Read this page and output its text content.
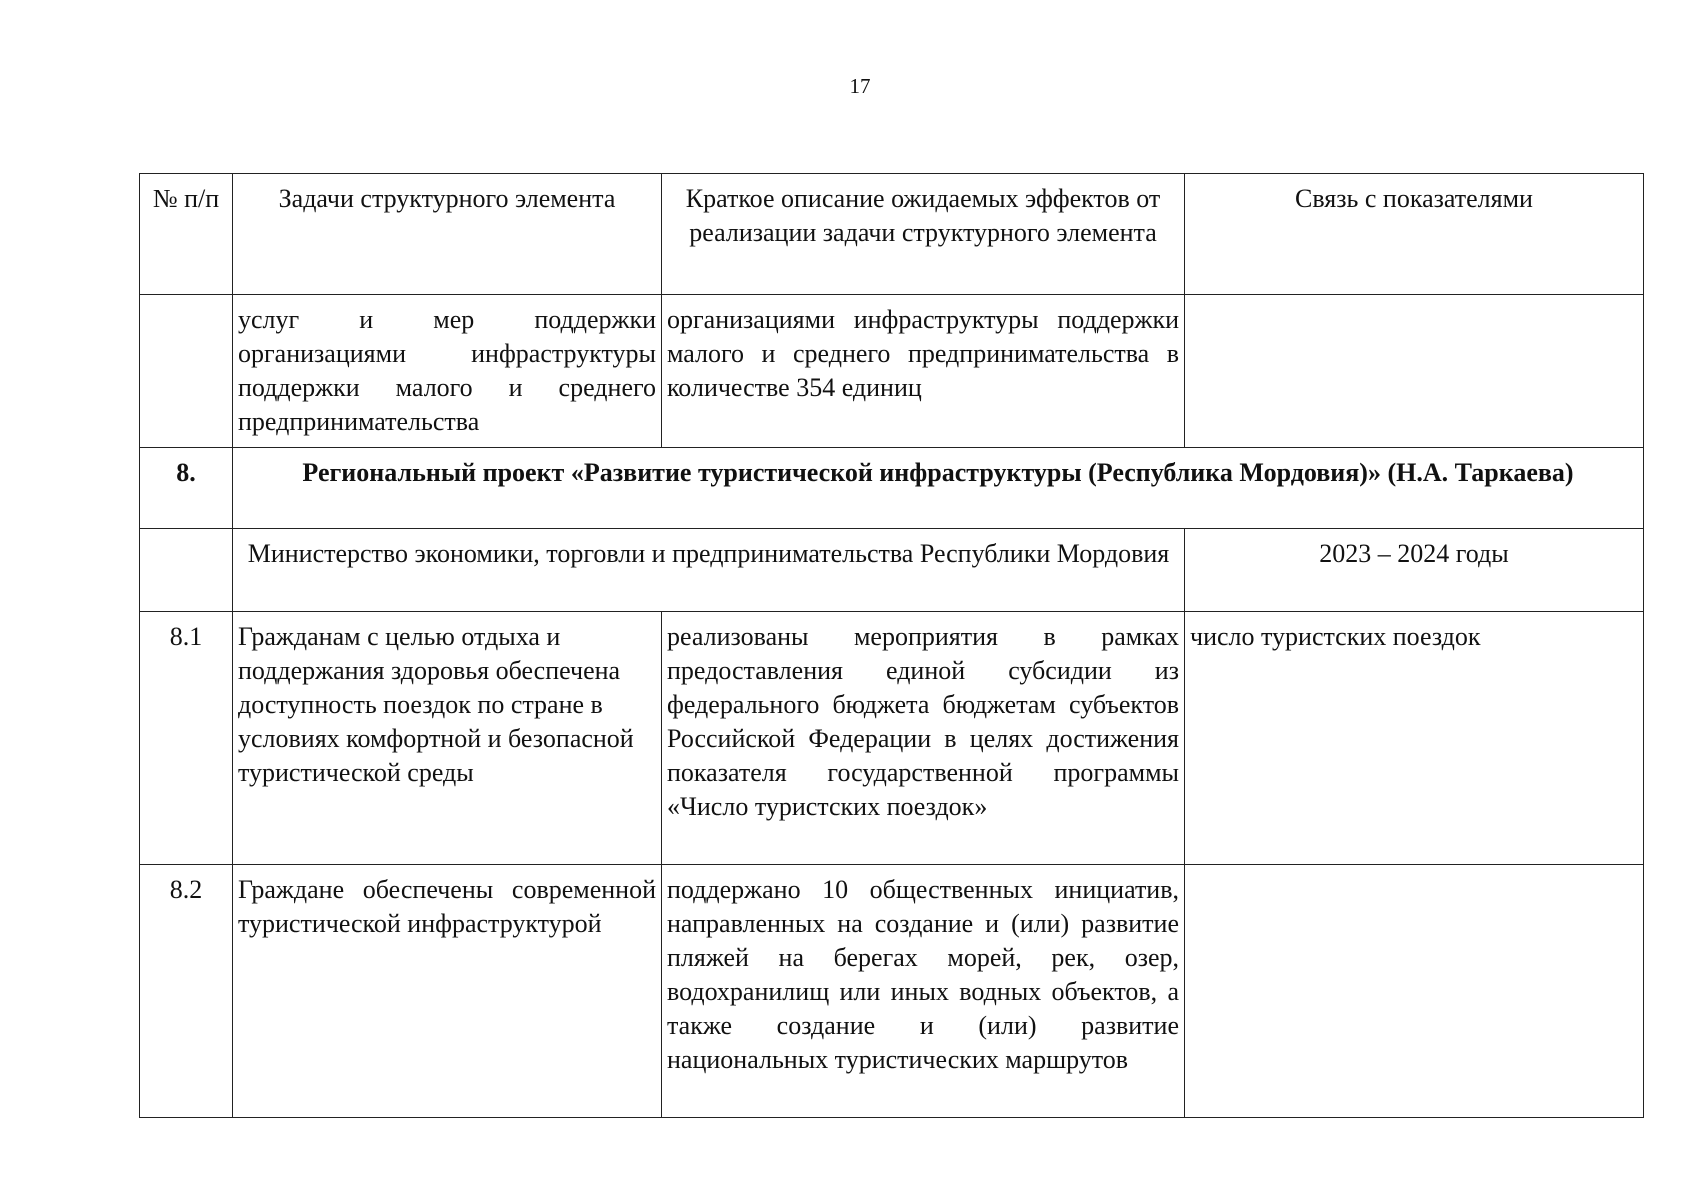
17
№ п/п	Задачи структурного элемента	Краткое описание ожидаемых эффектов от реализации задачи структурного элемента	Связь с показателями
	услуг и мер поддержки организациями инфраструктуры поддержки малого и среднего предпринимательства	организациями инфраструктуры поддержки малого и среднего предпринимательства в количестве 354 единиц	
8.	Региональный проект «Развитие туристической инфраструктуры (Республика Мордовия)» (Н.А. Таркаева)		
	Министерство экономики, торговли и предпринимательства Республики Мордовия		2023 – 2024 годы
8.1	Гражданам с целью отдыха и поддержания здоровья обеспечена доступность поездок по стране в условиях комфортной и безопасной туристической среды	реализованы мероприятия в рамках предоставления единой субсидии из федерального бюджета бюджетам субъектов Российской Федерации в целях достижения показателя государственной программы «Число туристских поездок»	число туристских поездок
8.2	Граждане обеспечены современной туристической инфраструктурой	поддержано 10 общественных инициатив, направленных на создание и (или) развитие пляжей на берегах морей, рек, озер, водохранилищ или иных водных объектов, а также создание и (или) развитие национальных туристических маршрутов	
